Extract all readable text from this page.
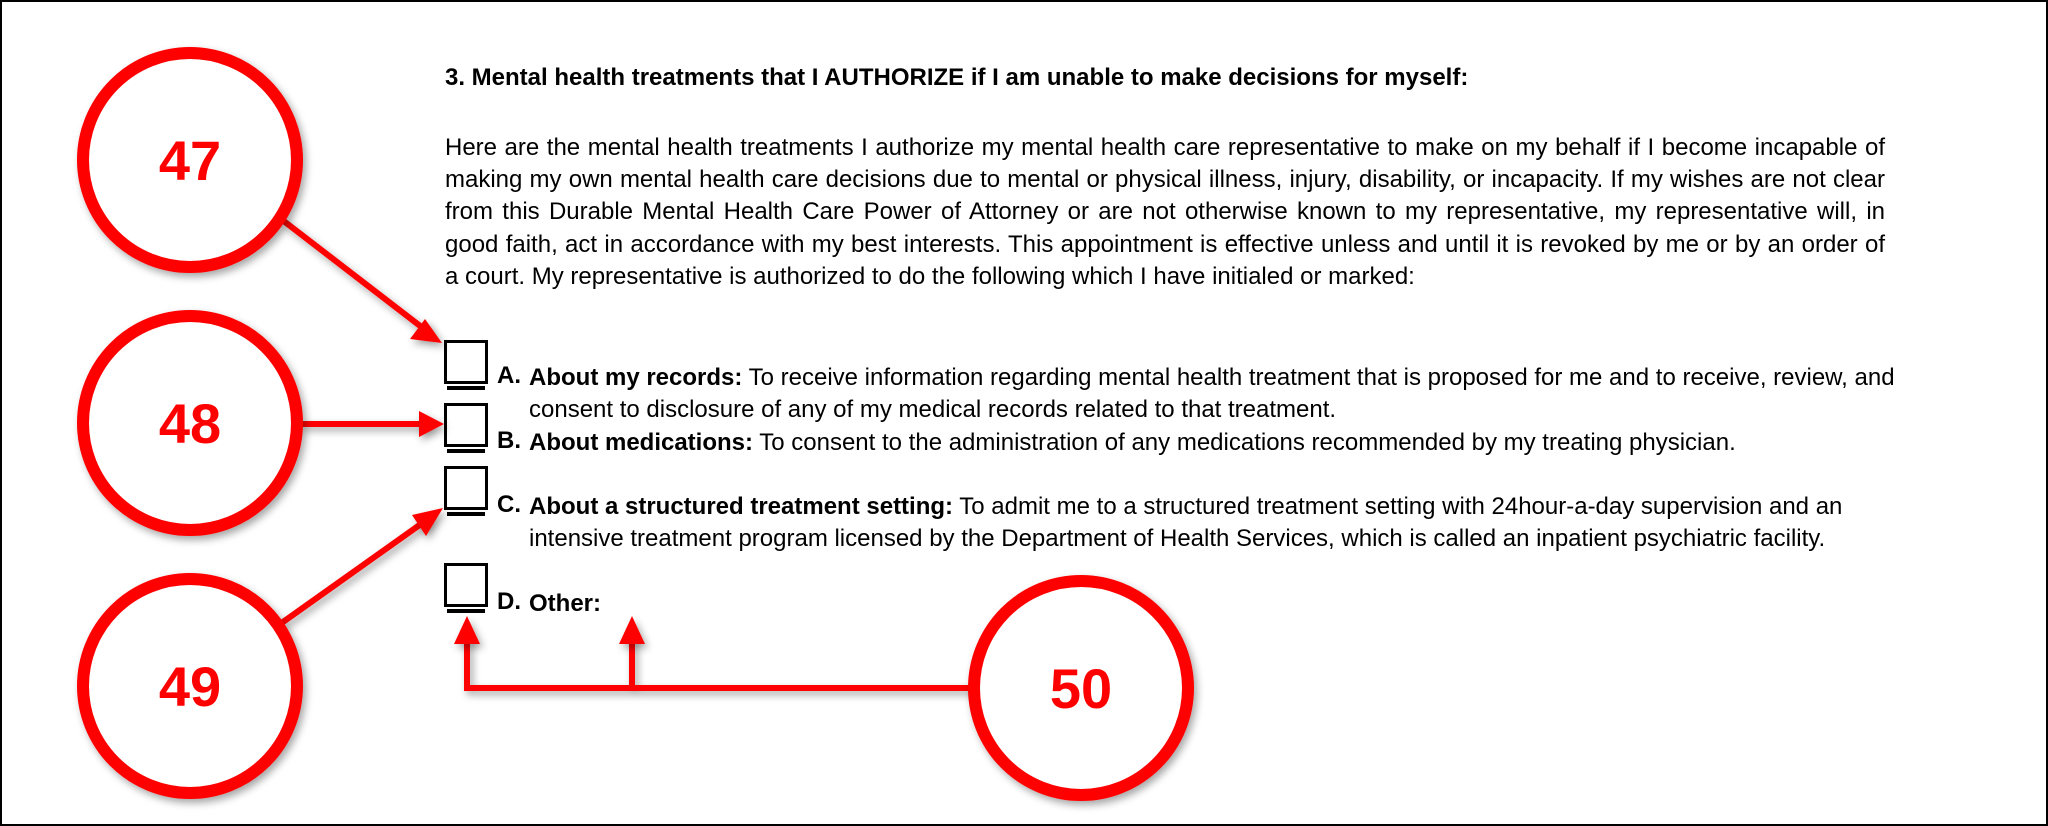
3. Mental health treatments that I AUTHORIZE if I am unable to make decisions for myself:

Here are the mental health treatments I authorize my mental health care representative to make on my behalf if I become incapable of making my own mental health care decisions due to mental or physical illness, injury, disability, or incapacity. If my wishes are not clear from this Durable Mental Health Care Power of Attorney or are not otherwise known to my representative, my representative will, in good faith, act in accordance with my best interests. This appointment is effective unless and until it is revoked by me or by an order of a court. My representative is authorized to do the following which I have initialed or marked:

A. About my records: To receive information regarding mental health treatment that is proposed for me and to receive, review, and consent to disclosure of any of my medical records related to that treatment.

B. About medications: To consent to the administration of any medications recommended by my treating physician.

C. About a structured treatment setting: To admit me to a structured treatment setting with 24hour-a-day supervision and an intensive treatment program licensed by the Department of Health Services, which is called an inpatient psychiatric facility.

D. Other:

47
48
49	50
